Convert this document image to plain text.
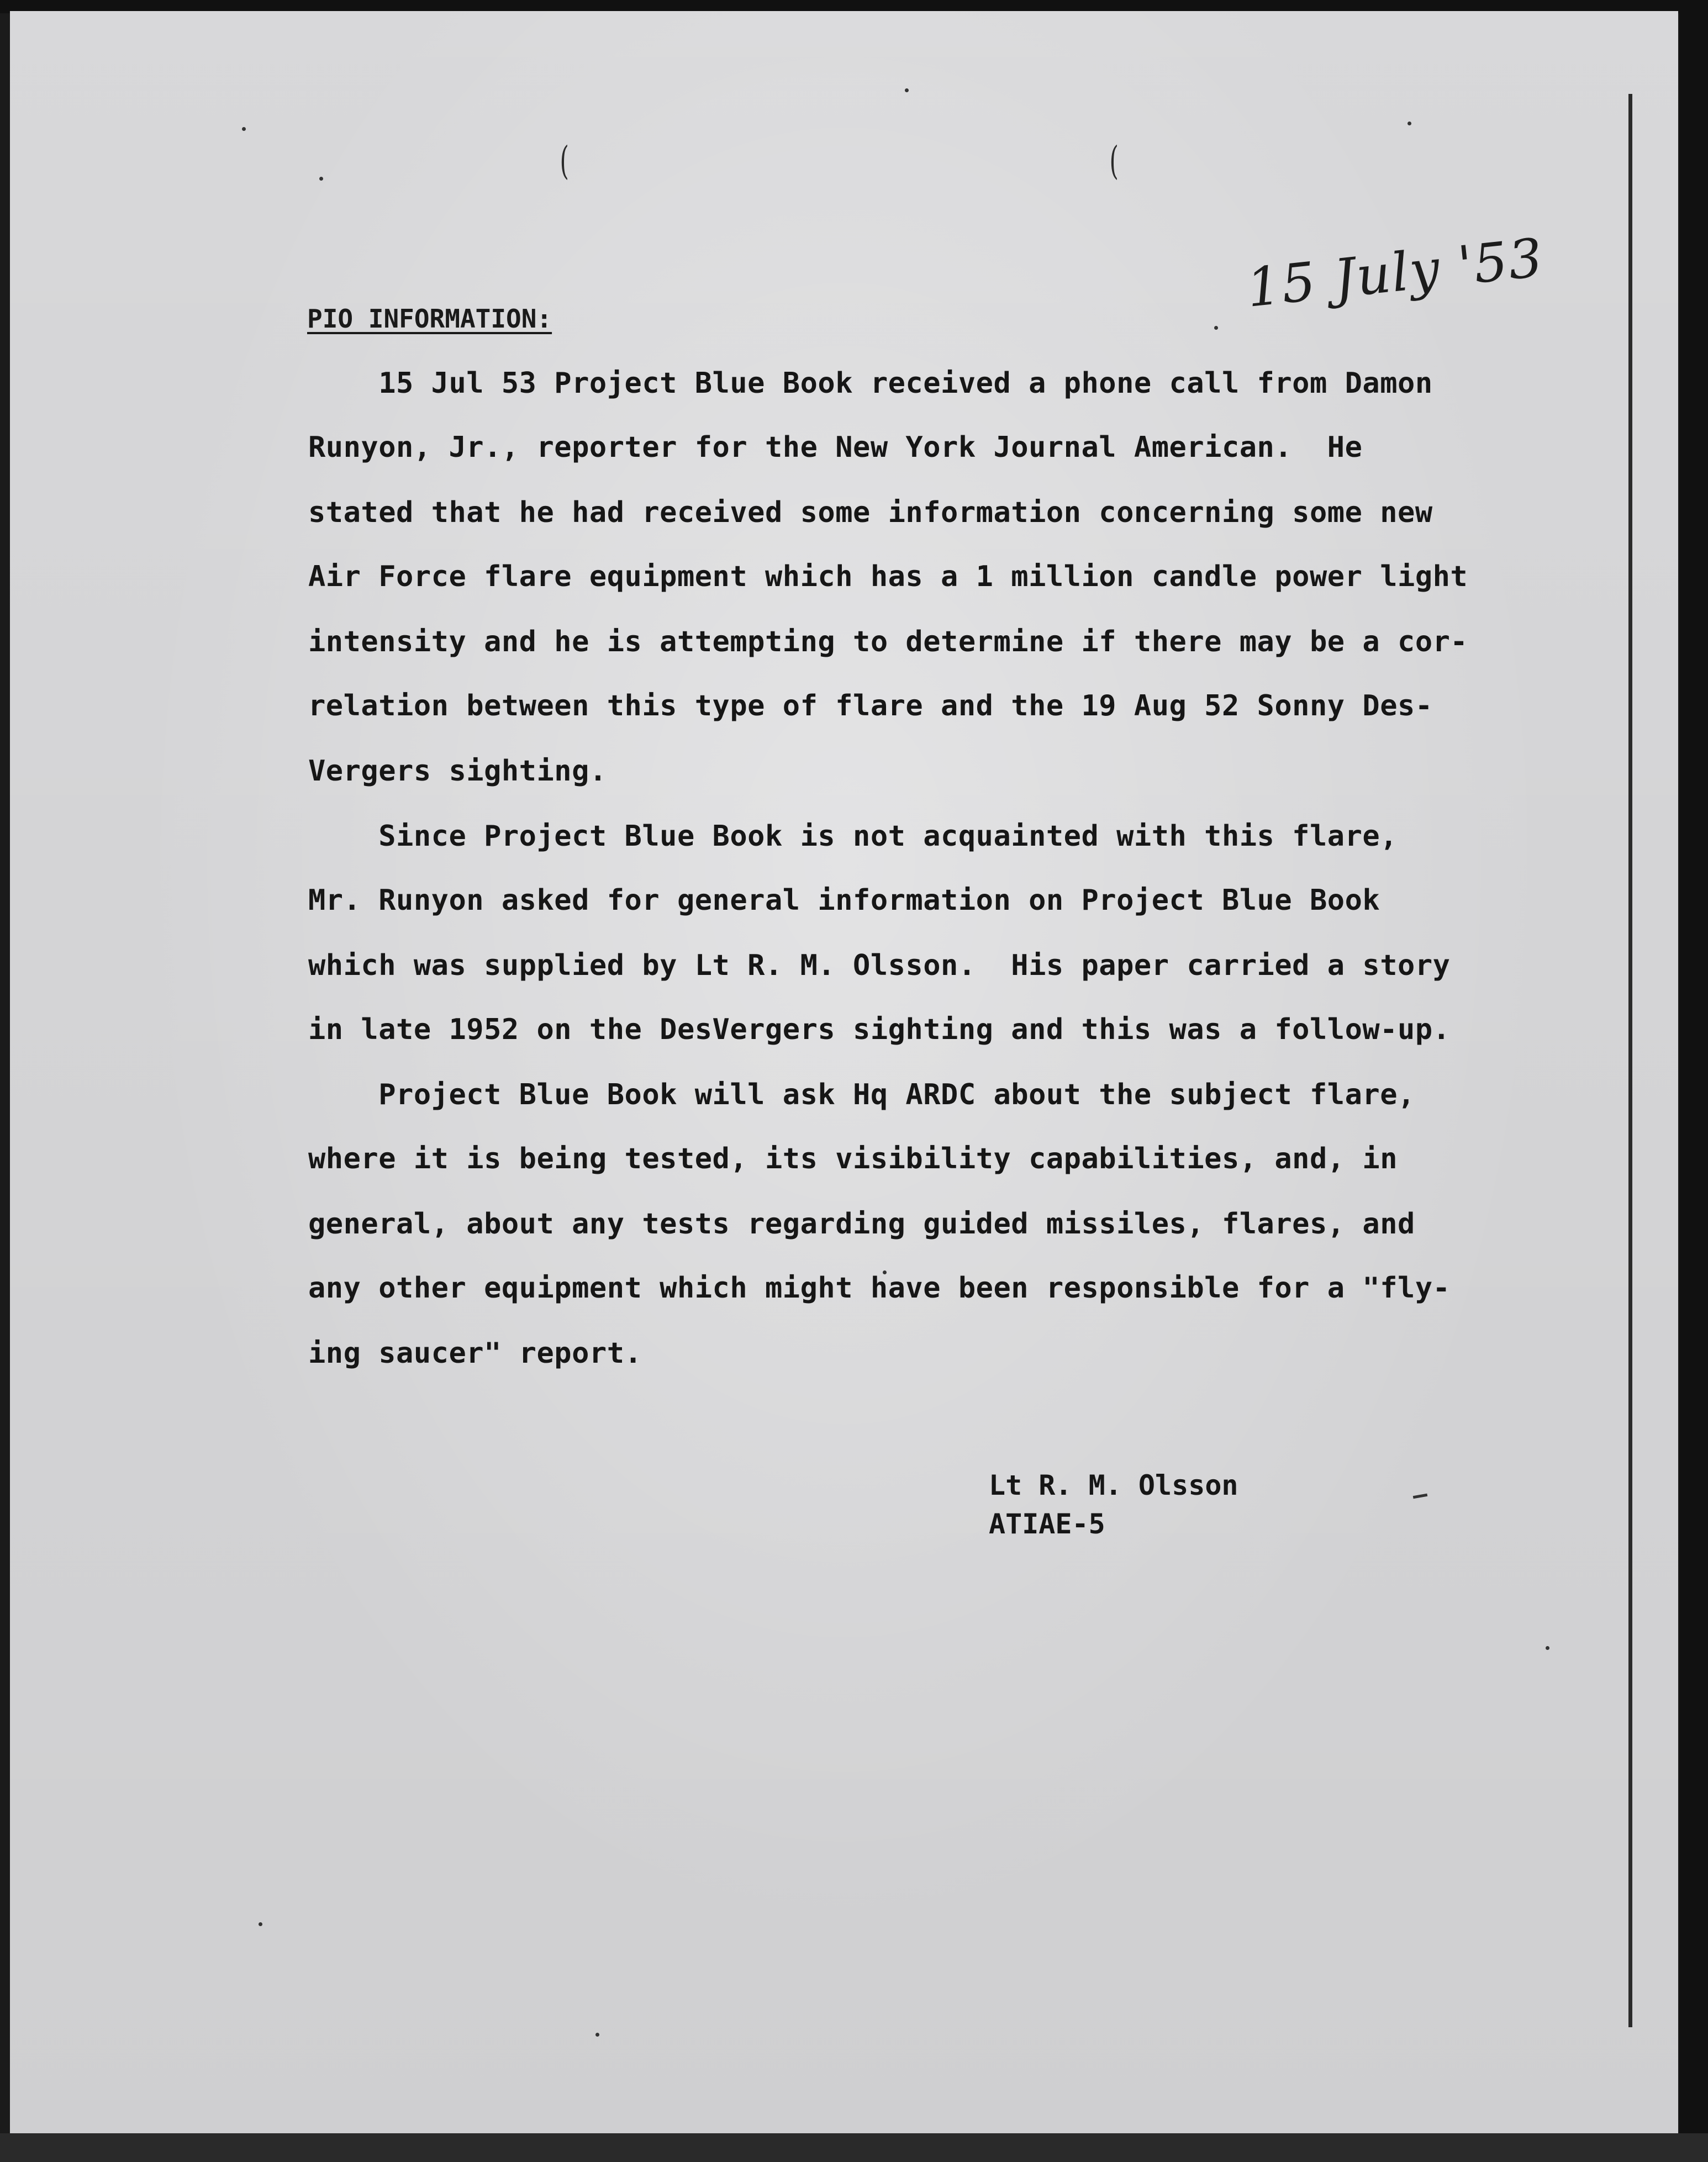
(	(
15 July '53
PIO INFORMATION:
15 Jul 53 Project Blue Book received a phone call from Damon
Runyon, Jr., reporter for the New York Journal American.  He
stated that he had received some information concerning some new
Air Force flare equipment which has a 1 million candle power light
intensity and he is attempting to determine if there may be a cor-
relation between this type of flare and the 19 Aug 52 Sonny Des-
Vergers sighting.
Since Project Blue Book is not acquainted with this flare,
Mr. Runyon asked for general information on Project Blue Book
which was supplied by Lt R. M. Olsson.  His paper carried a story
in late 1952 on the DesVergers sighting and this was a follow-up.
Project Blue Book will ask Hq ARDC about the subject flare,
where it is being tested, its visibility capabilities, and, in
general, about any tests regarding guided missiles, flares, and
any other equipment which might have been responsible for a "fly-
ing saucer" report.
Lt R. M. Olsson
ATIAE-5
